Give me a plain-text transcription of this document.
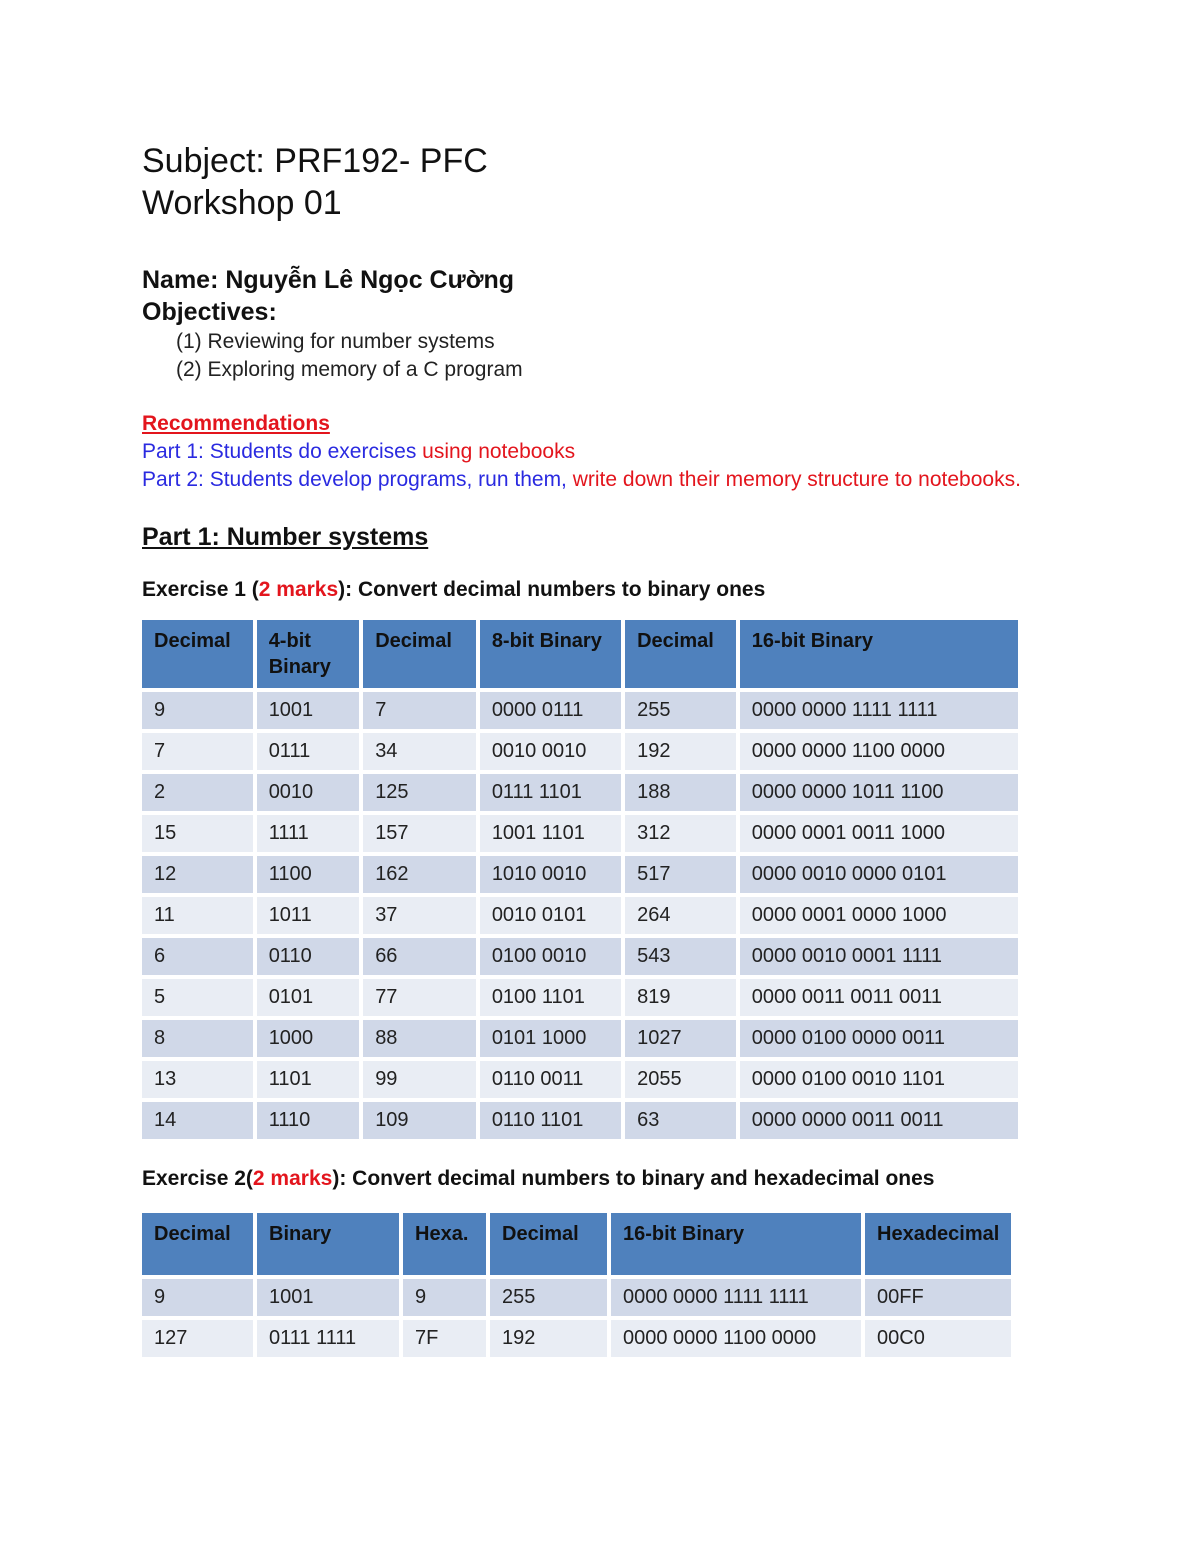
Subject: PRF192- PFC
Workshop 01

Name: Nguyễn Lê Ngọc Cường

Objectives:

(1) Reviewing for number systems
(2) Exploring memory of a C program
Recommendations
Part 1: Students do exercises using notebooks
Part 2: Students develop programs, run them, write down their memory structure to notebooks.
Part 1: Number systems
Exercise 1 (2 marks): Convert decimal numbers to binary ones
Decimal	4-bit Binary	Decimal	8-bit Binary	Decimal	16-bit Binary
9	1001	7	0000 0111	255	0000 0000 1111 1111
7	0111	34	0010 0010	192	0000 0000 1100 0000
2	0010	125	0111 1101	188	0000 0000 1011 1100
15	1111	157	1001 1101	312	0000 0001 0011 1000
12	1100	162	1010 0010	517	0000 0010 0000 0101
11	1011	37	0010 0101	264	0000 0001 0000 1000
6	0110	66	0100 0010	543	0000 0010 0001 1111
5	0101	77	0100 1101	819	0000 0011 0011 0011
8	1000	88	0101 1000	1027	0000 0100 0000 0011
13	1101	99	0110 0011	2055	0000 0100 0010 1101
14	1110	109	0110 1101	63	0000 0000 0011 0011
Exercise 2(2 marks): Convert decimal numbers to binary and hexadecimal ones
Decimal	Binary	Hexa.	Decimal	16-bit Binary	Hexadecimal
9	1001	9	255	0000 0000 1111 1111	00FF
127	0111 1111	7F	192	0000 0000 1100 0000	00C0
